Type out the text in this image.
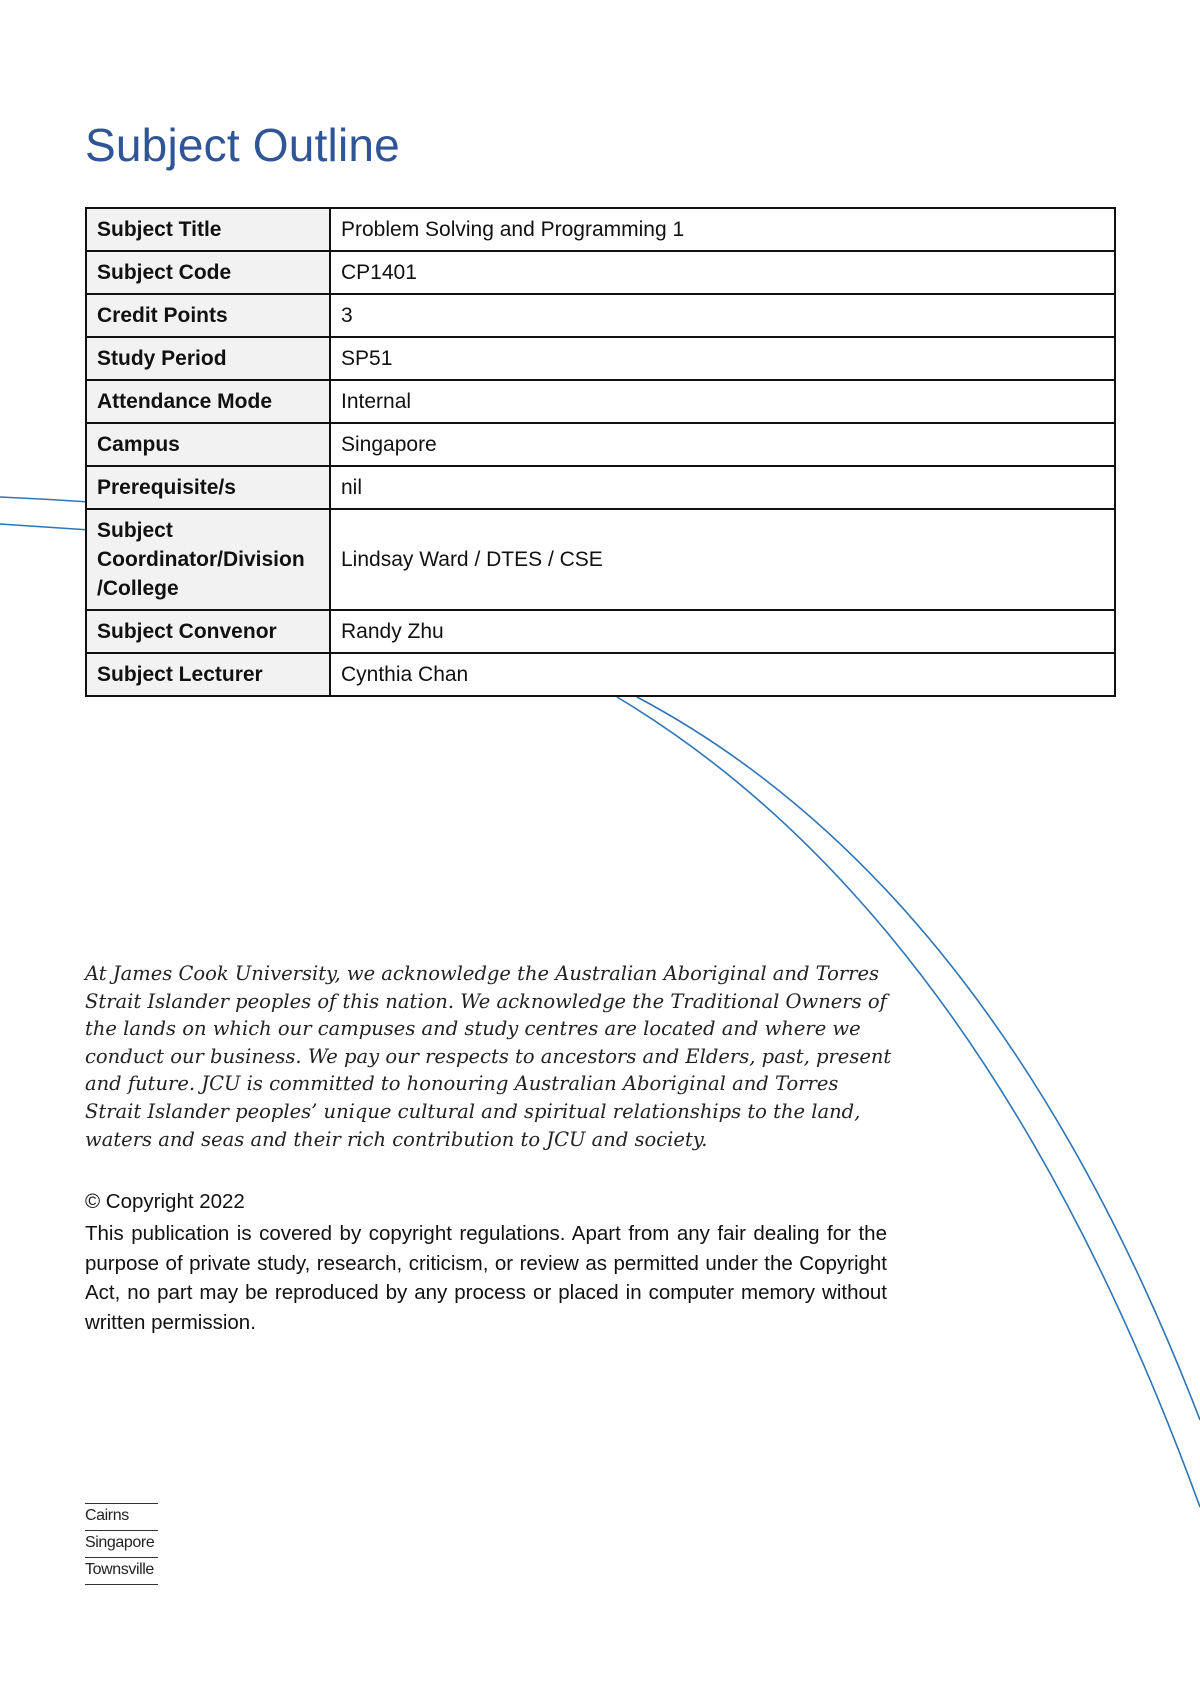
Subject Outline
Subject Title	Problem Solving and Programming 1
Subject Code	CP1401
Credit Points	3
Study Period	SP51
Attendance Mode	Internal
Campus	Singapore
Prerequisite/s	nil

Subject
Coordinator/Division
/College	Lindsay Ward / DTES / CSE
Subject Convenor	Randy Zhu
Subject Lecturer	Cynthia Chan

At James Cook University, we acknowledge the Australian Aboriginal and Torres Strait Islander peoples of this nation. We acknowledge the Traditional Owners of the lands on which our campuses and study centres are located and where we conduct our business. We pay our respects to ancestors and Elders, past, present and future. JCU is committed to honouring Australian Aboriginal and Torres Strait Islander peoples’ unique cultural and spiritual relationships to the land, waters and seas and their rich contribution to JCU and society.

© Copyright 2022

This publication is covered by copyright regulations. Apart from any fair dealing for the purpose of private study, research, criticism, or review as permitted under the Copyright Act, no part may be reproduced by any process or placed in computer memory without written permission.

Cairns
Singapore
Townsville
